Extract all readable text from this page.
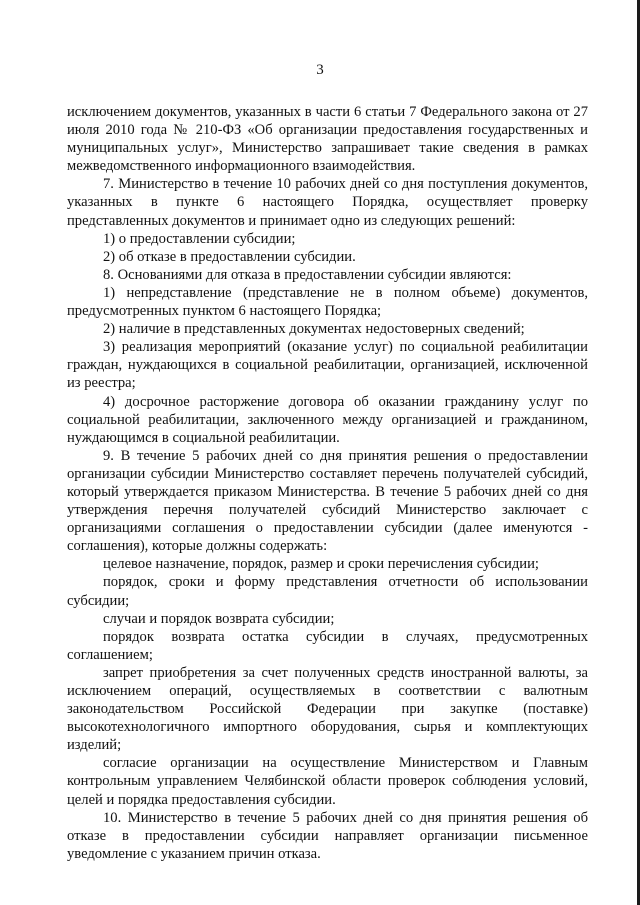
3

исключением документов, указанных в части 6 статьи 7 Федерального закона от 27 июля 2010 года № 210-ФЗ «Об организации предоставления государственных и муниципальных услуг», Министерство запрашивает такие сведения в рамках межведомственного информационного взаимодействия.

7. Министерство в течение 10 рабочих дней со дня поступления документов, указанных в пункте 6 настоящего Порядка, осуществляет проверку представленных документов и принимает одно из следующих решений:

1) о предоставлении субсидии;

2) об отказе в предоставлении субсидии.

8. Основаниями для отказа в предоставлении субсидии являются:

1) непредставление (представление не в полном объеме) документов, предусмотренных пунктом 6 настоящего Порядка;

2) наличие в представленных документах недостоверных сведений;

3) реализация мероприятий (оказание услуг) по социальной реабилитации граждан, нуждающихся в социальной реабилитации, организацией, исключенной из реестра;

4) досрочное расторжение договора об оказании гражданину услуг по социальной реабилитации, заключенного между организацией и гражданином, нуждающимся в социальной реабилитации.

9. В течение 5 рабочих дней со дня принятия решения о предоставлении организации субсидии Министерство составляет перечень получателей субсидий, который утверждается приказом Министерства. В течение 5 рабочих дней со дня утверждения перечня получателей субсидий Министерство заключает с организациями соглашения о предоставлении субсидии (далее именуются - соглашения), которые должны содержать:

целевое назначение, порядок, размер и сроки перечисления субсидии;

порядок, сроки и форму представления отчетности об использовании субсидии;

случаи и порядок возврата субсидии;

порядок возврата остатка субсидии в случаях, предусмотренных соглашением;

запрет приобретения за счет полученных средств иностранной валюты, за исключением операций, осуществляемых в соответствии с валютным законодательством Российской Федерации при закупке (поставке) высокотехнологичного импортного оборудования, сырья и комплектующих изделий;

согласие организации на осуществление Министерством и Главным контрольным управлением Челябинской области проверок соблюдения условий, целей и порядка предоставления субсидии.

10. Министерство в течение 5 рабочих дней со дня принятия решения об отказе в предоставлении субсидии направляет организации письменное уведомление с указанием причин отказа.
